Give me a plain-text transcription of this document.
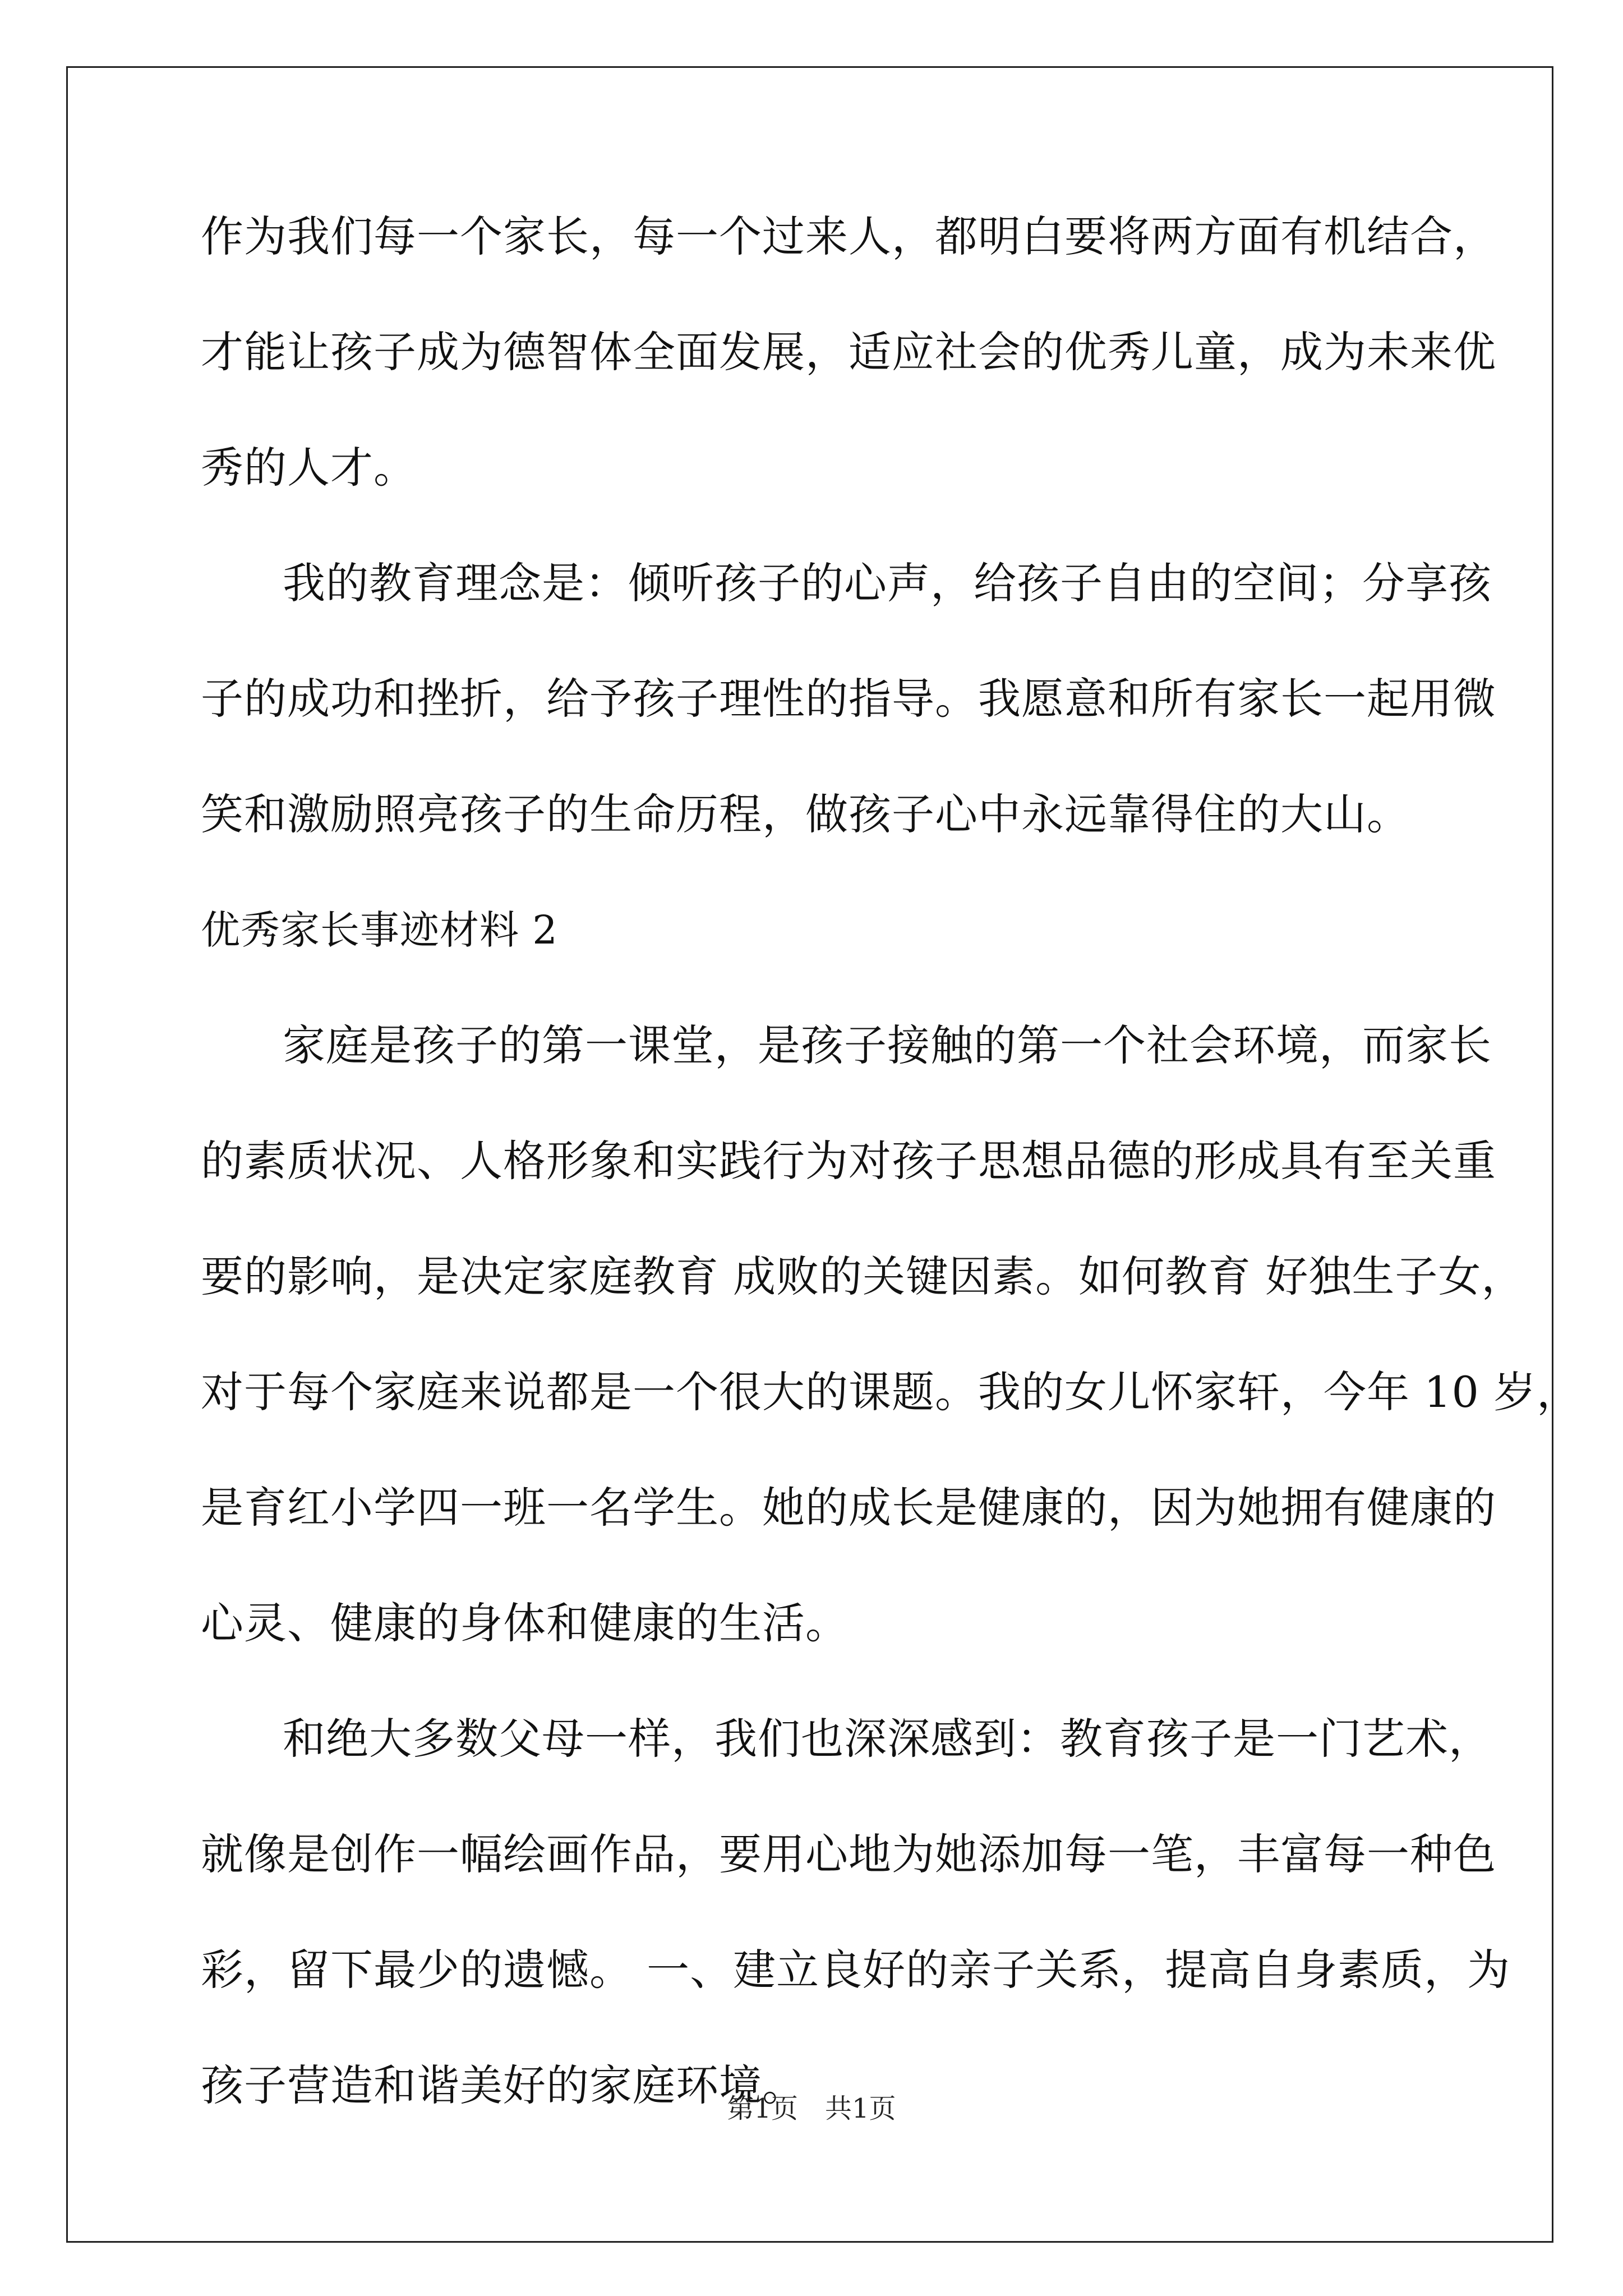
作为我们每一个家长，每一个过来人，都明白要将两方面有机结合，
才能让孩子成为德智体全面发展，适应社会的优秀儿童，成为未来优
秀的人才。
我的教育理念是：倾听孩子的心声，给孩子自由的空间；分享孩
子的成功和挫折，给予孩子理性的指导。我愿意和所有家长一起用微
笑和激励照亮孩子的生命历程，做孩子心中永远靠得住的大山。
优秀家长事迹材料 2
家庭是孩子的第一课堂，是孩子接触的第一个社会环境，而家长
的素质状况、人格形象和实践行为对孩子思想品德的形成具有至关重
要的影响，是决定家庭教育 成败的关键因素。如何教育 好独生子女，
对于每个家庭来说都是一个很大的课题。我的女儿怀家轩，今年 10 岁，
是育红小学四一班一名学生。她的成长是健康的，因为她拥有健康的
心灵、健康的身体和健康的生活。
和绝大多数父母一样，我们也深深感到：教育孩子是一门艺术，
就像是创作一幅绘画作品，要用心地为她添加每一笔，丰富每一种色
彩，留下最少的遗憾。 一、建立良好的亲子关系，提高自身素质，为
孩子营造和谐美好的家庭环境。
第1页　共1页
